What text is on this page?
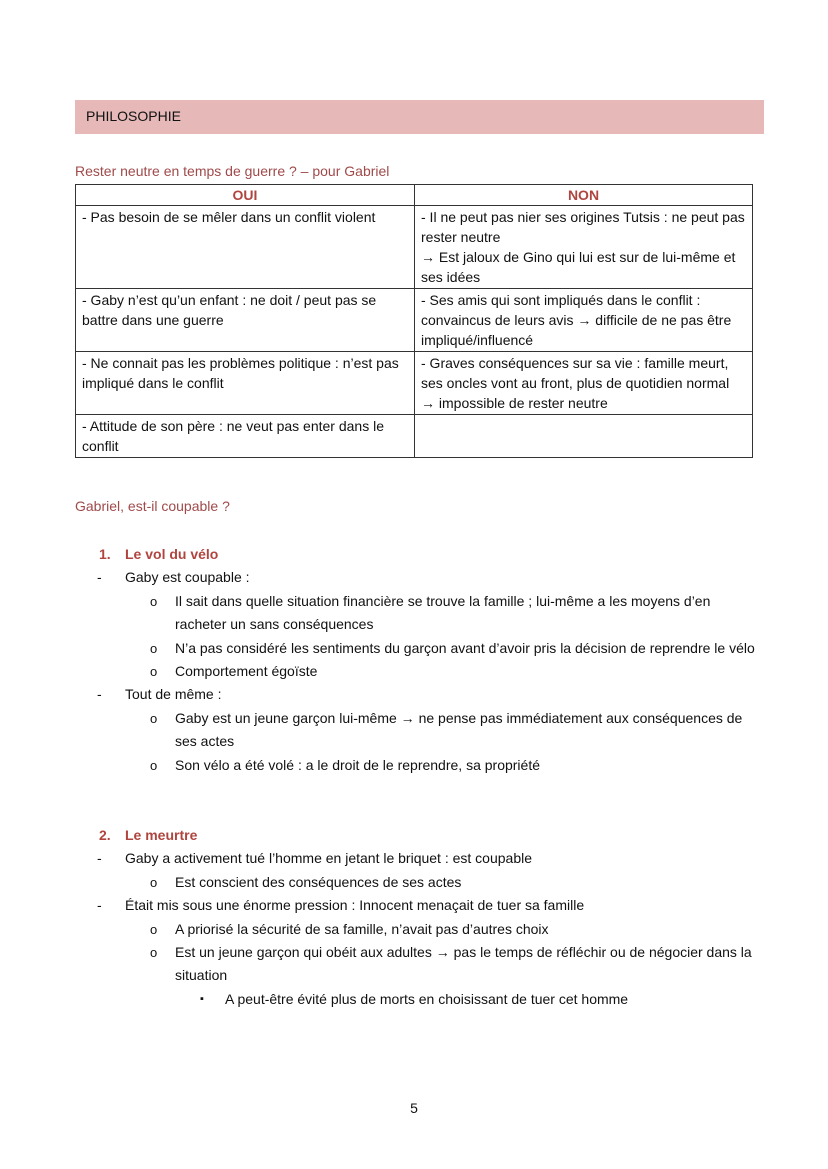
PHILOSOPHIE
Rester neutre en temps de guerre ? – pour Gabriel
OUI	NON
- Pas besoin de se mêler dans un conflit violent	- Il ne peut pas nier ses origines Tutsis : ne peut pas rester neutre
→ Est jaloux de Gino qui lui est sur de lui-même et ses idées

- Gaby n’est qu’un enfant : ne doit / peut pas se battre dans une guerre	- Ses amis qui sont impliqués dans le conflit : convaincus de leurs avis → difficile de ne pas être impliqué/influencé

- Ne connait pas les problèmes politique : n’est pas impliqué dans le conflit	- Graves conséquences sur sa vie : famille meurt, ses oncles vont au front, plus de quotidien normal → impossible de rester neutre

- Attitude de son père : ne veut pas enter dans le conflit	
Gabriel, est-il coupable ?
1. Le vol du vélo
- Gaby est coupable :
o Il sait dans quelle situation financière se trouve la famille ; lui-même a les moyens d’en racheter un sans conséquences
o N’a pas considéré les sentiments du garçon avant d’avoir pris la décision de reprendre le vélo
o Comportement égoïste
- Tout de même :
o Gaby est un jeune garçon lui-même → ne pense pas immédiatement aux conséquences de ses actes
o Son vélo a été volé : a le droit de le reprendre, sa propriété
2. Le meurtre
- Gaby a activement tué l’homme en jetant le briquet : est coupable
o Est conscient des conséquences de ses actes
- Était mis sous une énorme pression : Innocent menaçait de tuer sa famille
o A priorisé la sécurité de sa famille, n’avait pas d’autres choix
o Est un jeune garçon qui obéit aux adultes → pas le temps de réfléchir ou de négocier dans la situation
▪ A peut-être évité plus de morts en choisissant de tuer cet homme
5
